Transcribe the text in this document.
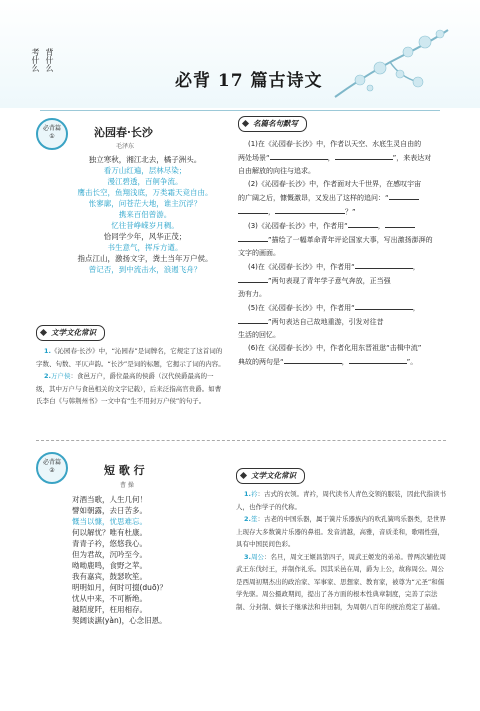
考什么 背什么
必背 17 篇古诗文
必背篇
①	沁园春·长沙
毛泽东
独立寒秋，湘江北去，橘子洲头。
看万山红遍，层林尽染；
漫江碧透，百舸争流。
鹰击长空，鱼翔浅底，万类霜天竞自由。
怅寥廓，问苍茫大地，谁主沉浮？
携来百侣曾游。
忆往昔峥嵘岁月稠。
恰同学少年，风华正茂；
书生意气，挥斥方遒。
指点江山，激扬文字，粪土当年万户侯。
曾记否，到中流击水，浪遏飞舟？
文学文化常识
1.《沁园春·长沙》中，“沁园春”是词牌名，它规定了这首词的字数、句数、平仄声韵。“长沙”是词的标题，它揭示了词的内容。
2.万户侯：食邑万户，爵位最高的侯爵（汉代侯爵最高的一级，其中万户与食邑相关的文字记载），后来泛指高官贵爵。如曹氏李白《与韩荆州书》一文中有“生不用封万户侯”的句子。
名篇名句默写
(1)在《沁园春·长沙》中，作者以天空、水底生灵自由的
两处场景“	，	”，来表达对
自由解放的向往与追求。
(2)《沁园春·长沙》中，作者面对大千世界，在感叹宇宙
的广阔之后，慷慨激昂，又发出了这样的追问：“
，	？”
(3)《沁园春·长沙》中，作者用“	，
”描绘了一幅革命青年评论国家大事，写出激扬澎湃的
文字的画面。
(4)在《沁园春·长沙》中，作者用“	，
”两句表现了青年学子意气奔放，正当强
劲有力。
(5)在《沁园春·长沙》中，作者用“	，
”两句表达自己故地重游，引发对往昔
生活的回忆。
(6)在《沁园春·长沙》中，作者化用东晋祖逖“击楫中流”
典故的两句是“	，	”。
必背篇
②	短 歌 行
曹 操
对酒当歌，人生几何！
譬如朝露，去日苦多。
慨当以慷，忧思难忘。
何以解忧？唯有杜康。
青青子衿，悠悠我心。
但为君故，沉吟至今。
呦呦鹿鸣，食野之苹。
我有嘉宾，鼓瑟吹笙。
明明如月，何时可掇(duō)？
忧从中来，不可断绝。
越陌度阡，枉用相存。
契阔谈讌(yàn)，心念旧恩。
文学文化常识
1.衿：古式的衣领。青衿，周代读书人青色交领的服装，因此代指读书人，也作学子的代称。
2.笙：古老的中国乐器，属于簧片乐器族内的吹孔簧鸣乐器类，是世界上现存大多数簧片乐器的鼻祖。发音清越，高雅，音质柔和，歌唱性强，具有中国民间色彩。
3.周公：名旦，周文王姬昌第四子，周武王姬发的弟弟。曾两次辅佐周武王东伐纣王，并制作礼乐。因其采邑在周，爵为上公，故称周公。周公是西周初期杰出的政治家、军事家、思想家、教育家，被尊为“元圣”和儒学先驱。周公摄政期间，提出了各方面的根本性典章制度，完善了宗法制、分封制、嫡长子继承法和井田制，为周朝八百年的统治奠定了基础。
